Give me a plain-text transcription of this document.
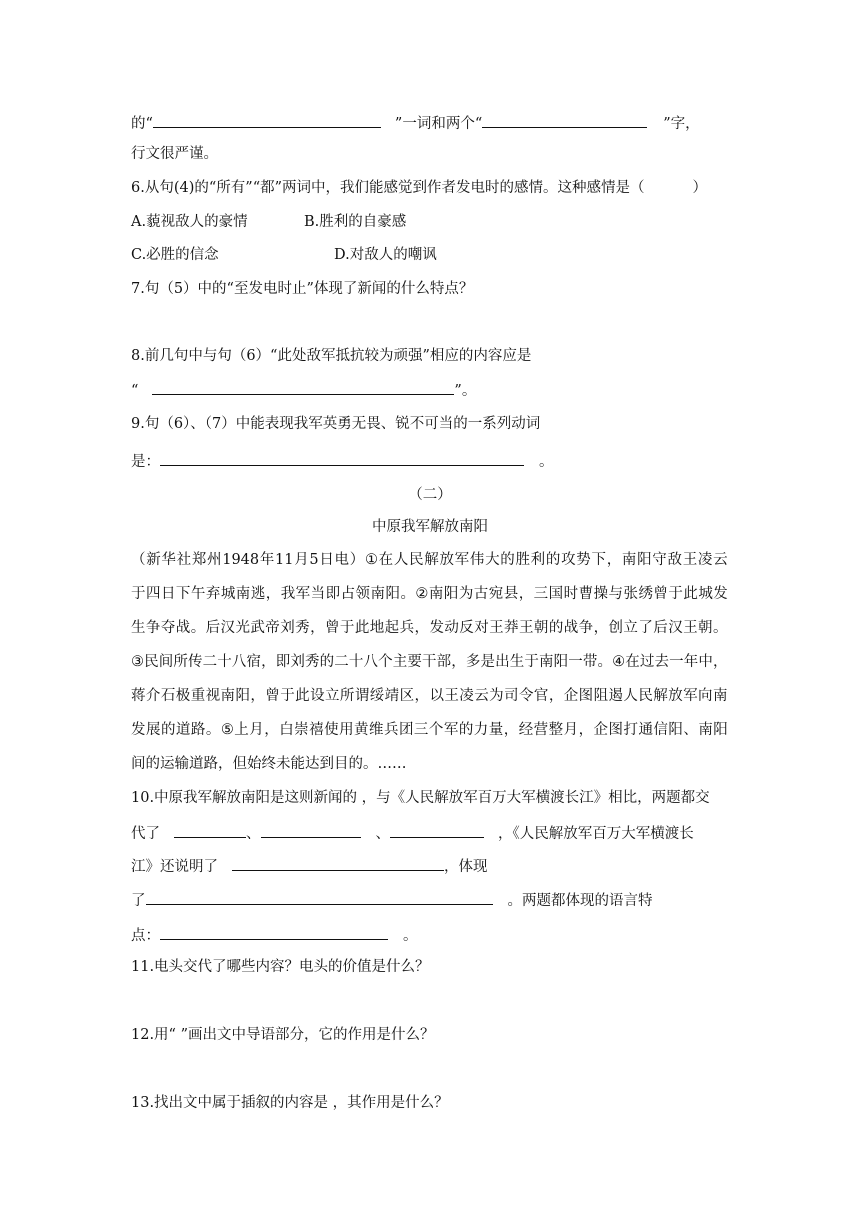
的“	”一词和两个“	”字，
行文很严谨。
6.从句(4)的“所有”“都”两词中，我们能感觉到作者发电时的感情。这种感情是（	）
A.藐视敌人的豪情	B.胜利的自豪感
C.必胜的信念	D.对敌人的嘲讽
7.句（5）中的“至发电时止”体现了新闻的什么特点？
8.前几句中与句（6）“此处敌军抵抗较为顽强”相应的内容应是
“	”。
9.句（6）、（7）中能表现我军英勇无畏、锐不可当的一系列动词
是：	。
（二）
中原我军解放南阳
（ 新 华 社 郑 州 1948 年 11 月 5 日 电 ） ① 在 人 民 解 放 军 伟 大 的 胜 利 的 攻 势 下 ， 南 阳 守 敌 王 凌 云
于 四 日 下 午 弃 城 南 逃 ， 我 军 当 即 占 领 南 阳 。 ② 南 阳 为 古 宛 县 ， 三 国 时 曹 操 与 张 绣 曾 于 此 城 发
生 争 夺 战 。 后 汉 光 武 帝 刘 秀 ， 曾 于 此 地 起 兵 ， 发 动 反 对 王 莽 王 朝 的 战 争 ， 创 立 了 后 汉 王 朝 。
③ 民 间 所 传 二 十 八 宿 ， 即 刘 秀 的 二 十 八 个 主 要 干 部 ， 多 是 出 生 于 南 阳 一 带 。 ④ 在 过 去 一 年 中 ，
蒋 介 石 极 重 视 南 阳 ， 曾 于 此 设 立 所 谓 绥 靖 区 ， 以 王 凌 云 为 司 令 官 ， 企 图 阻 遏 人 民 解 放 军 向 南
发 展 的 道 路 。 ⑤ 上 月 ， 白 崇 禧 使 用 黄 维 兵 团 三 个 军 的 力 量 ， 经 营 整 月 ， 企 图 打 通 信 阳 、 南 阳
间的运输道路，但始终未能达到目的。……
10.中原我军解放南阳是这则新闻的 ，与《人民解放军百万大军横渡长江》相比，两题都交
代了	、	、	，《人民解放军百万大军横渡长
江》还说明了	，体现
了	。两题都体现的语言特
点：	。
11.电头交代了哪些内容？电头的价值是什么？
12.用“ ”画出文中导语部分，它的作用是什么？
13.找出文中属于插叙的内容是 ，其作用是什么？
